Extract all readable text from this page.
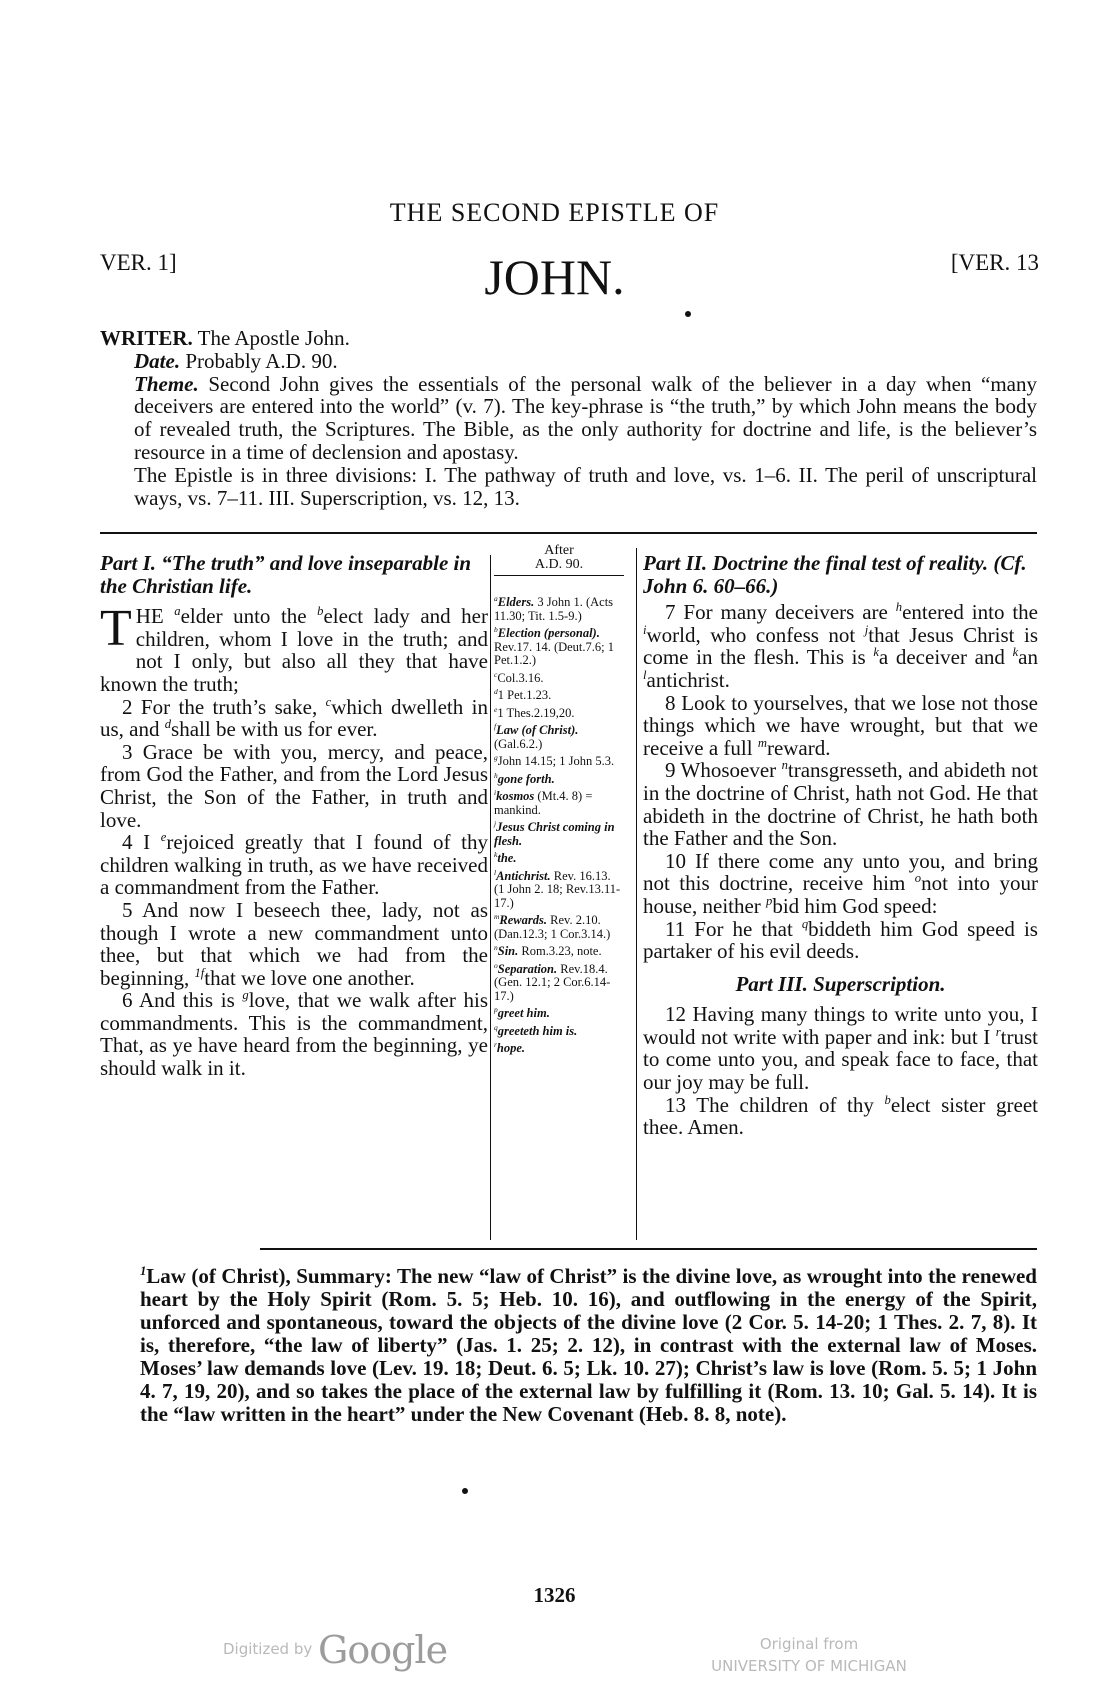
THE SECOND EPISTLE OF
VER. 1]	JOHN.	[VER. 13

WRITER. The Apostle John.

Date. Probably A.D. 90.

Theme. Second John gives the essentials of the personal walk of the believer in a day when “many deceivers are entered into the world” (v. 7). The key-phrase is “the truth,” by which John means the body of revealed truth, the Scriptures. The Bible, as the only authority for doctrine and life, is the believer’s resource in a time of declension and apostasy.

The Epistle is in three divisions: I. The pathway of truth and love, vs. 1–6. II. The peril of unscriptural ways, vs. 7–11. III. Superscription, vs. 12, 13.

Part I. “The truth” and love inseparable in the Christian life.

THE $^a$elder unto the $^b$elect lady and her children, whom I love in the truth; and not I only, but also all they that have known the truth;

2 For the truth’s sake, $^c$which dwelleth in us, and $^d$shall be with us for ever.

3 Grace be with you, mercy, and peace, from God the Father, and from the Lord Jesus Christ, the Son of the Father, in truth and love.

4 I $^e$rejoiced greatly that I found of thy children walking in truth, as we have received a commandment from the Father.

5 And now I beseech thee, lady, not as though I wrote a new commandment unto thee, but that which we had from the beginning, $^{1f}$that we love one another.

6 And this is $^g$love, that we walk after his commandments. This is the commandment, That, as ye have heard from the beginning, ye should walk in it.

After
A.D. 90.
$^a$Elders. 3 John 1. (Acts 11.30; Tit. 1.5-9.)
$^b$Election (personal). Rev.17. 14. (Deut.7.6; 1 Pet.1.2.)
$^c$Col.3.16.
$^d$1 Pet.1.23.
$^e$1 Thes.2.19,20.
$^f$Law (of Christ). (Gal.6.2.)
$^g$John 14.15; 1 John 5.3.
$^h$gone forth.
$^i$kosmos (Mt.4. 8) = mankind.
$^j$Jesus Christ coming in flesh.
$^k$the.
$^l$Antichrist. Rev. 16.13. (1 John 2. 18; Rev.13.11-17.)
$^m$Rewards. Rev. 2.10. (Dan.12.3; 1 Cor.3.14.)
$^n$Sin. Rom.3.23, note.
$^o$Separation. Rev.18.4. (Gen. 12.1; 2 Cor.6.14-17.)
$^p$greet him.
$^q$greeteth him is.
$^r$hope.

Part II. Doctrine the final test of reality. (Cf. John 6. 60–66.)

7 For many deceivers are $^h$entered into the $^i$world, who confess not $^j$that Jesus Christ is come in the flesh. This is $^k$a deceiver and $^k$an $^l$antichrist.

8 Look to yourselves, that we lose not those things which we have wrought, but that we receive a full $^m$reward.

9 Whosoever $^n$transgresseth, and abideth not in the doctrine of Christ, hath not God. He that abideth in the doctrine of Christ, he hath both the Father and the Son.

10 If there come any unto you, and bring not this doctrine, receive him $^o$not into your house, neither $^p$bid him God speed:

11 For he that $^q$biddeth him God speed is partaker of his evil deeds.

Part III. Superscription.

12 Having many things to write unto you, I would not write with paper and ink: but I $^r$trust to come unto you, and speak face to face, that our joy may be full.

13 The children of thy $^b$elect sister greet thee. Amen.

$^1$Law (of Christ), Summary: The new “law of Christ” is the divine love, as wrought into the renewed heart by the Holy Spirit (Rom. 5. 5; Heb. 10. 16), and outflowing in the energy of the Spirit, unforced and spontaneous, toward the objects of the divine love (2 Cor. 5. 14-20; 1 Thes. 2. 7, 8). It is, therefore, “the law of liberty” (Jas. 1. 25; 2. 12), in contrast with the external law of Moses. Moses’ law demands love (Lev. 19. 18; Deut. 6. 5; Lk. 10. 27); Christ’s law is love (Rom. 5. 5; 1 John 4. 7, 19, 20), and so takes the place of the external law by fulfilling it (Rom. 13. 10; Gal. 5. 14). It is the “law written in the heart” under the New Covenant (Heb. 8. 8, note).

1326
Digitized by Google	Original from
UNIVERSITY OF MICHIGAN
